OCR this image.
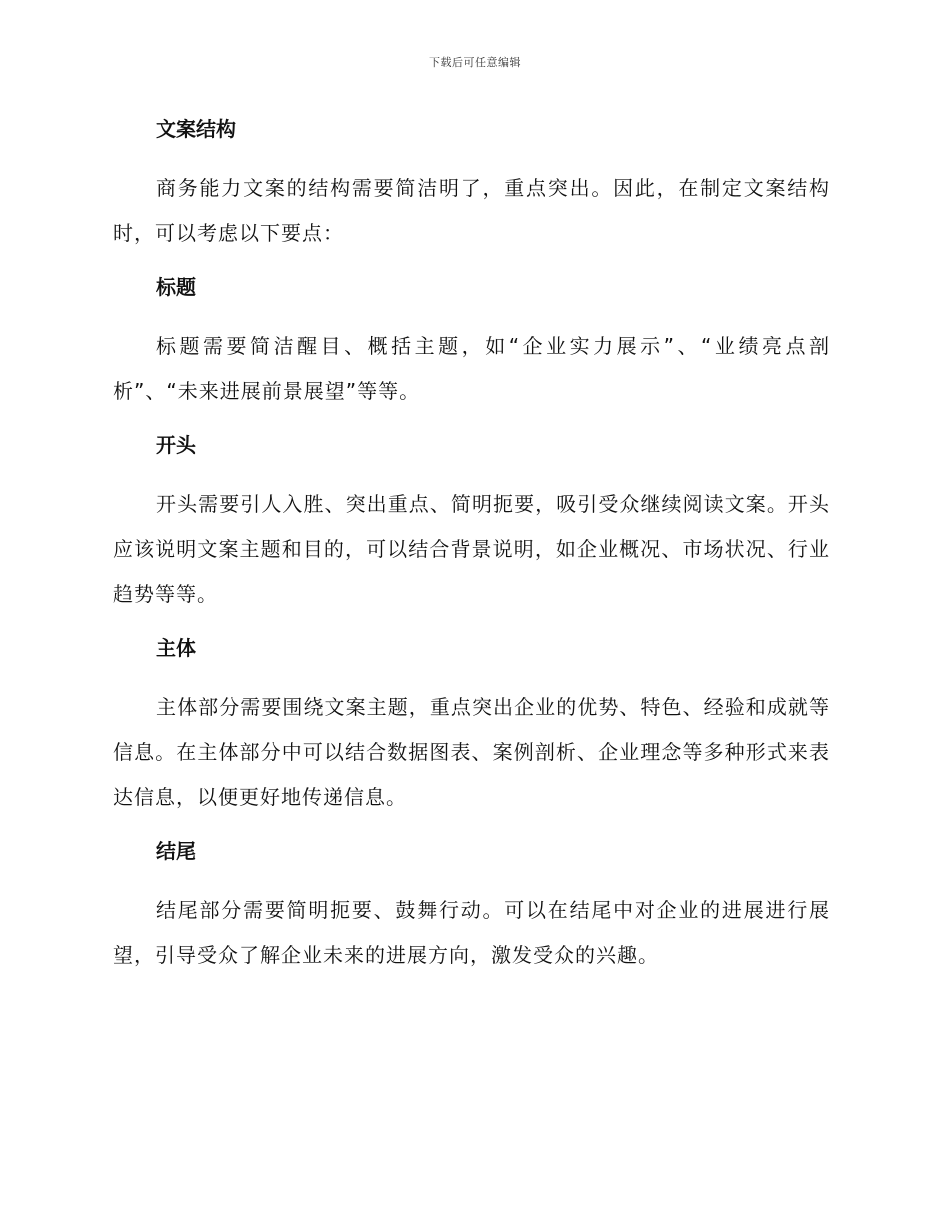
下载后可任意编辑
文案结构

商务能力文案的结构需要简洁明了，重点突出。因此，在制定文案结构时，可以考虑以下要点：

标题

标题需要简洁醒目、概括主题，如“企业实力展示”、“业绩亮点剖析”、“未来进展前景展望”等等。

开头

开头需要引人入胜、突出重点、简明扼要，吸引受众继续阅读文案。开头应该说明文案主题和目的，可以结合背景说明，如企业概况、市场状况、行业趋势等等。

主体

主体部分需要围绕文案主题，重点突出企业的优势、特色、经验和成就等信息。在主体部分中可以结合数据图表、案例剖析、企业理念等多种形式来表达信息，以便更好地传递信息。

结尾

结尾部分需要简明扼要、鼓舞行动。可以在结尾中对企业的进展进行展望，引导受众了解企业未来的进展方向，激发受众的兴趣。
